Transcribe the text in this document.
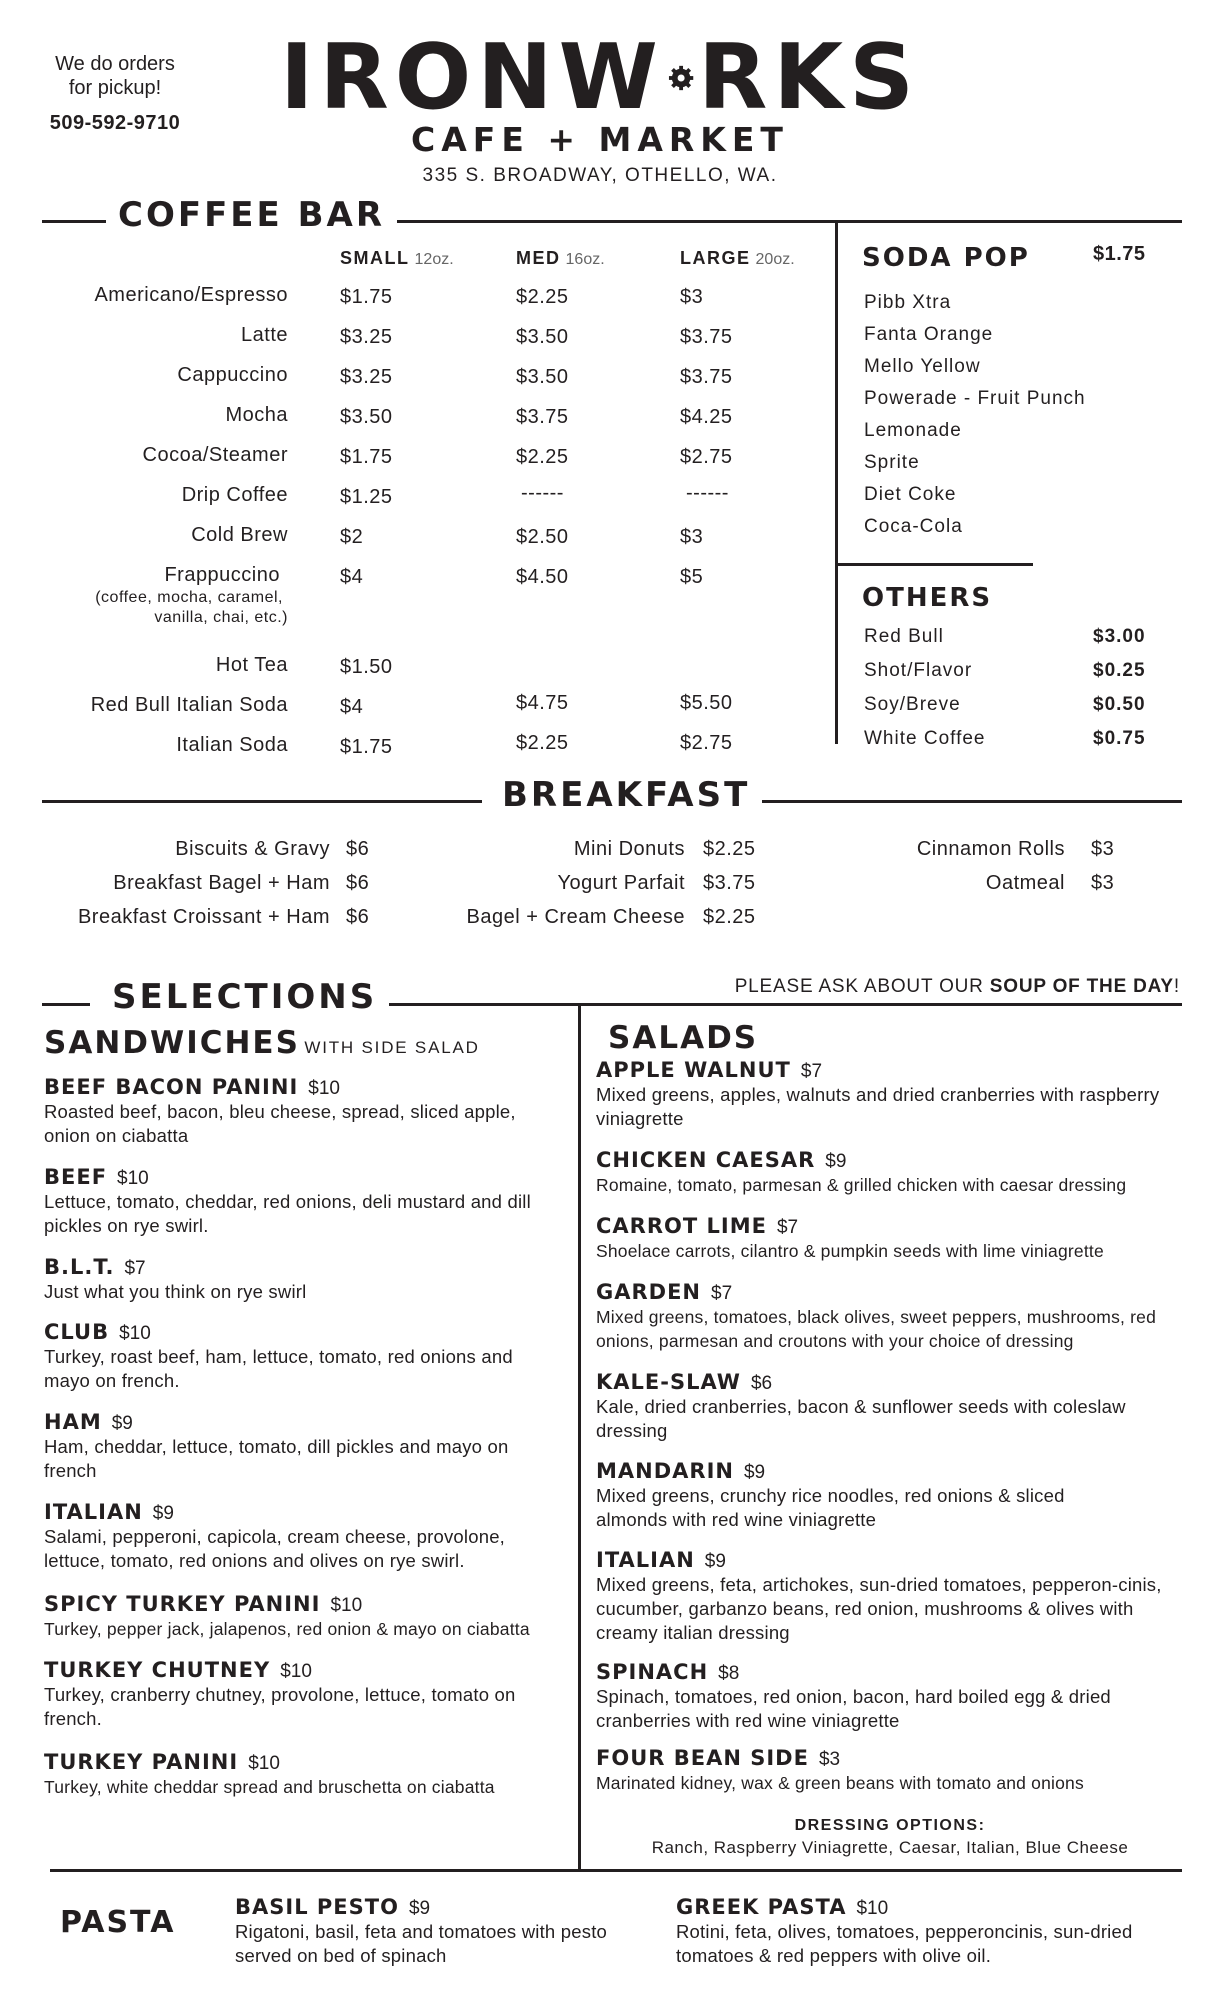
We do orders
for pickup!
509-592-9710 IRONW RKS
CAFE + MARKET
335 S. BROADWAY, OTHELLO, WA.
COFFEE BAR
SMALL 12oz.	MED 16oz.	LARGE 20oz.
Americano/Espresso	$1.75	$2.25	$3
Latte	$3.25	$3.50	$3.75
Cappuccino	$3.25	$3.50	$3.75
Mocha	$3.50	$3.75	$4.25
Cocoa/Steamer	$1.75	$2.25	$2.75
Drip Coffee	$1.25	------	------
Cold Brew	$2	$2.50	$3
Frappuccino
(coffee, mocha, caramel,
vanilla, chai, etc.)
$4	$4.50	$5
Hot Tea	$1.50
Red Bull Italian Soda	$4	$4.75	$5.50
Italian Soda	$1.75	$2.25	$2.75
SODA POP	$1.75
Pibb Xtra
Fanta Orange
Mello Yellow
Powerade - Fruit Punch
Lemonade
Sprite
Diet Coke
Coca-Cola
OTHERS
Red Bull	$3.00
Shot/Flavor	$0.25
Soy/Breve	$0.50
White Coffee	$0.75
BREAKFAST
Biscuits & Gravy $6
Breakfast Bagel + Ham $6
Breakfast Croissant + Ham $6
Mini Donuts $2.25
Yogurt Parfait $3.75
Bagel + Cream Cheese $2.25
Cinnamon Rolls $3
Oatmeal $3
SELECTIONS	PLEASE ASK ABOUT OUR SOUP OF THE DAY!
SANDWICHES WITH SIDE SALAD
BEEF BACON PANINI $10
Roasted beef, bacon, bleu cheese, spread, sliced apple, onion on ciabatta
BEEF $10
Lettuce, tomato, cheddar, red onions, deli mustard and dill pickles on rye swirl.
B.L.T. $7
Just what you think on rye swirl
CLUB $10
Turkey, roast beef, ham, lettuce, tomato, red onions and mayo on french.
HAM $9
Ham, cheddar, lettuce, tomato, dill pickles and mayo on french
ITALIAN $9
Salami, pepperoni, capicola, cream cheese, provolone, lettuce, tomato, red onions and olives on rye swirl.
SPICY TURKEY PANINI $10
Turkey, pepper jack, jalapenos, red onion & mayo on ciabatta
TURKEY CHUTNEY $10
Turkey, cranberry chutney, provolone, lettuce, tomato on french.
TURKEY PANINI $10
Turkey, white cheddar spread and bruschetta on ciabatta
SALADS
APPLE WALNUT $7
Mixed greens, apples, walnuts and dried cranberries with raspberry viniagrette
CHICKEN CAESAR $9
Romaine, tomato, parmesan & grilled chicken with caesar dressing
CARROT LIME $7
Shoelace carrots, cilantro & pumpkin seeds with lime viniagrette
GARDEN $7
Mixed greens, tomatoes, black olives, sweet peppers, mushrooms, red onions, parmesan and croutons with your choice of dressing
KALE-SLAW $6
Kale, dried cranberries, bacon & sunflower seeds with coleslaw dressing
MANDARIN $9
Mixed greens, crunchy rice noodles, red onions & sliced almonds with red wine viniagrette
ITALIAN $9
Mixed greens, feta, artichokes, sun-dried tomatoes, pepperon-cinis, cucumber, garbanzo beans, red onion, mushrooms & olives with creamy italian dressing
SPINACH $8
Spinach, tomatoes, red onion, bacon, hard boiled egg & dried cranberries with red wine viniagrette
FOUR BEAN SIDE $3
Marinated kidney, wax & green beans with tomato and onions
DRESSING OPTIONS:
Ranch, Raspberry Viniagrette, Caesar, Italian, Blue Cheese
PASTA	BASIL PESTO $9
Rigatoni, basil, feta and tomatoes with pesto served on bed of spinach
GREEK PASTA $10
Rotini, feta, olives, tomatoes, pepperoncinis, sun-dried tomatoes & red peppers with olive oil.
